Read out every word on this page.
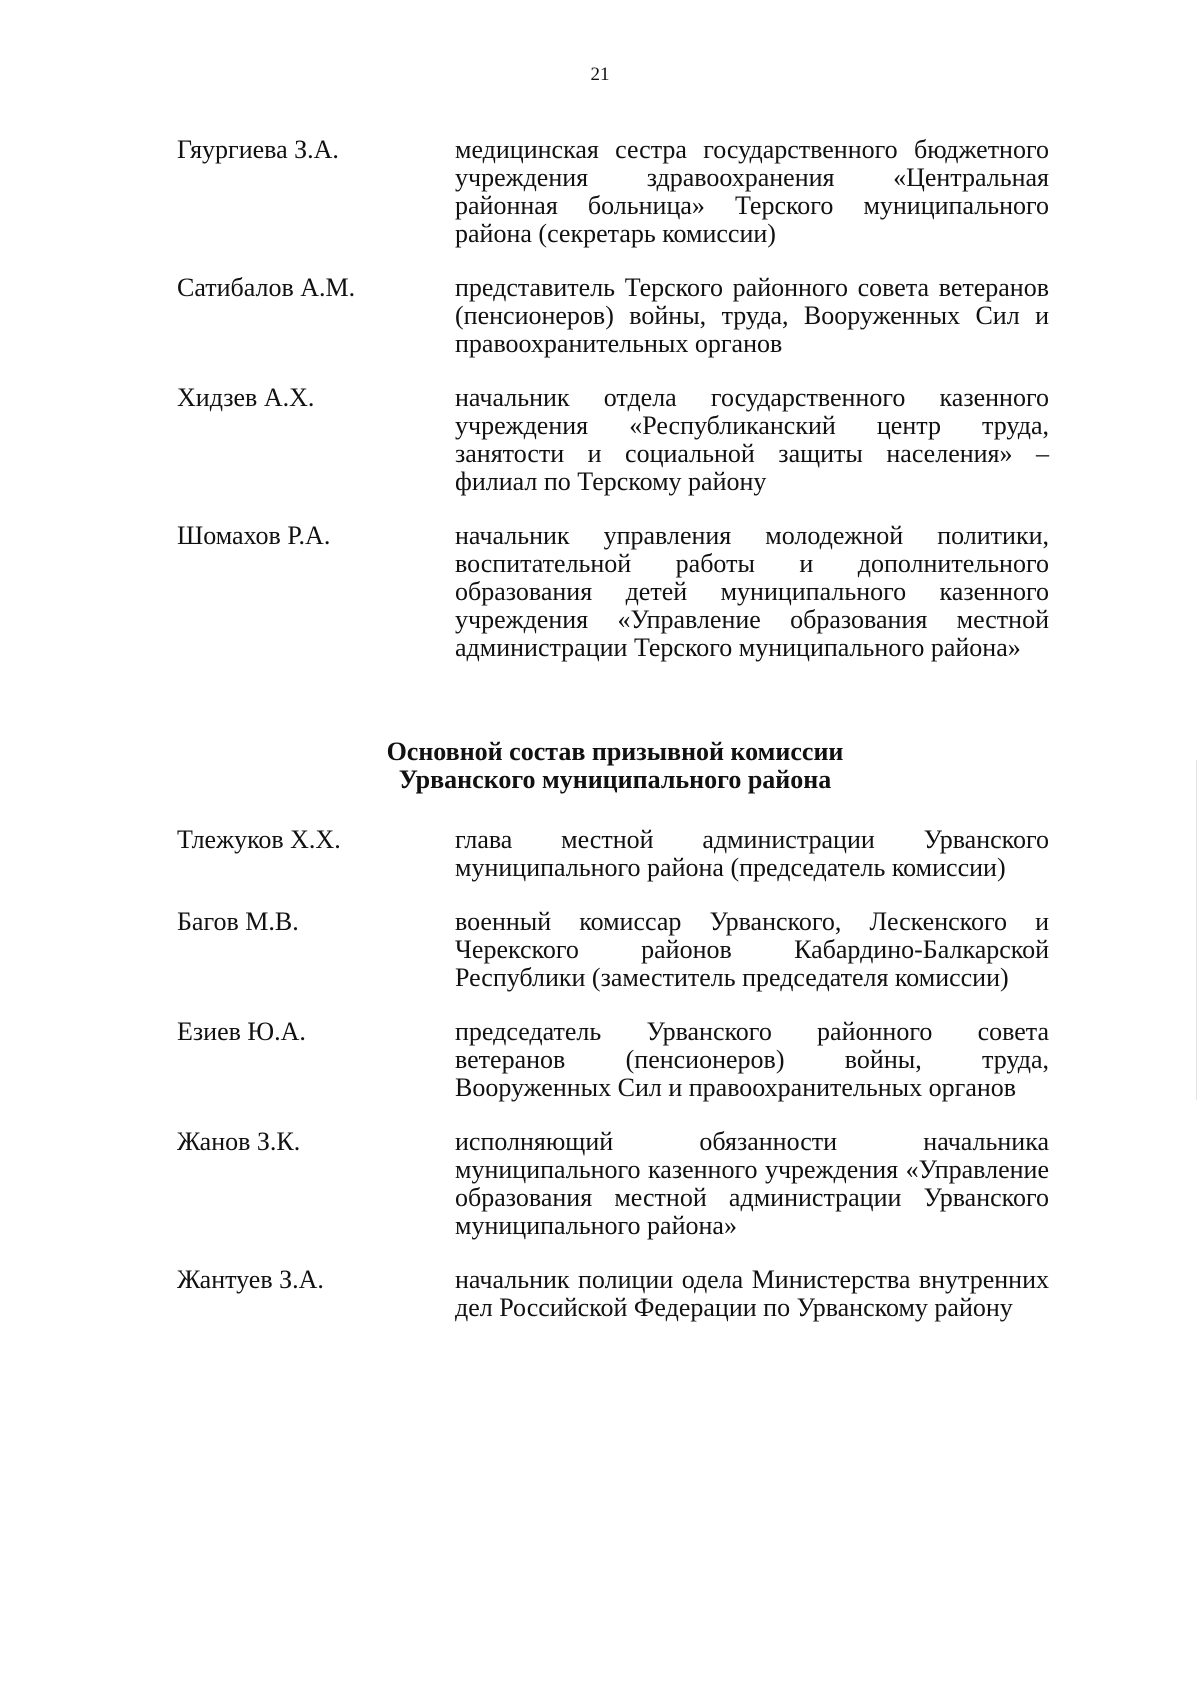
21
Гяургиева З.А.	медицинская сестра государственного бюджетного учреждения здравоохранения «Центральная районная больница» Терского муниципального района (секретарь комиссии)
Сатибалов А.М.	представитель Терского районного совета ветеранов (пенсионеров) войны, труда, Вооруженных Сил и правоохранительных органов
Хидзев А.Х.	начальник отдела государственного казенного учреждения «Республиканский центр труда, занятости и социальной защиты населения» – филиал по Терскому району
Шомахов Р.А.	начальник управления молодежной политики, воспитательной работы и дополнительного образования детей муниципального казенного учреждения «Управление образования местной администрации Терского муниципального района»
Основной состав призывной комиссии
Урванского муниципального района
Тлежуков Х.Х.	глава местной администрации Урванского муниципального района (председатель комиссии)
Багов М.В.	военный комиссар Урванского, Лескенского и Черекского районов Кабардино-Балкарской Республики (заместитель председателя комиссии)
Езиев Ю.А.	председатель Урванского районного совета ветеранов (пенсионеров) войны, труда, Вооруженных Сил и правоохранительных органов
Жанов З.К.	исполняющий обязанности начальника муниципального казенного учреждения «Управление образования местной администрации Урванского муниципального района»
Жантуев З.А.	начальник полиции одела Министерства внутренних дел Российской Федерации по Урванскому району
